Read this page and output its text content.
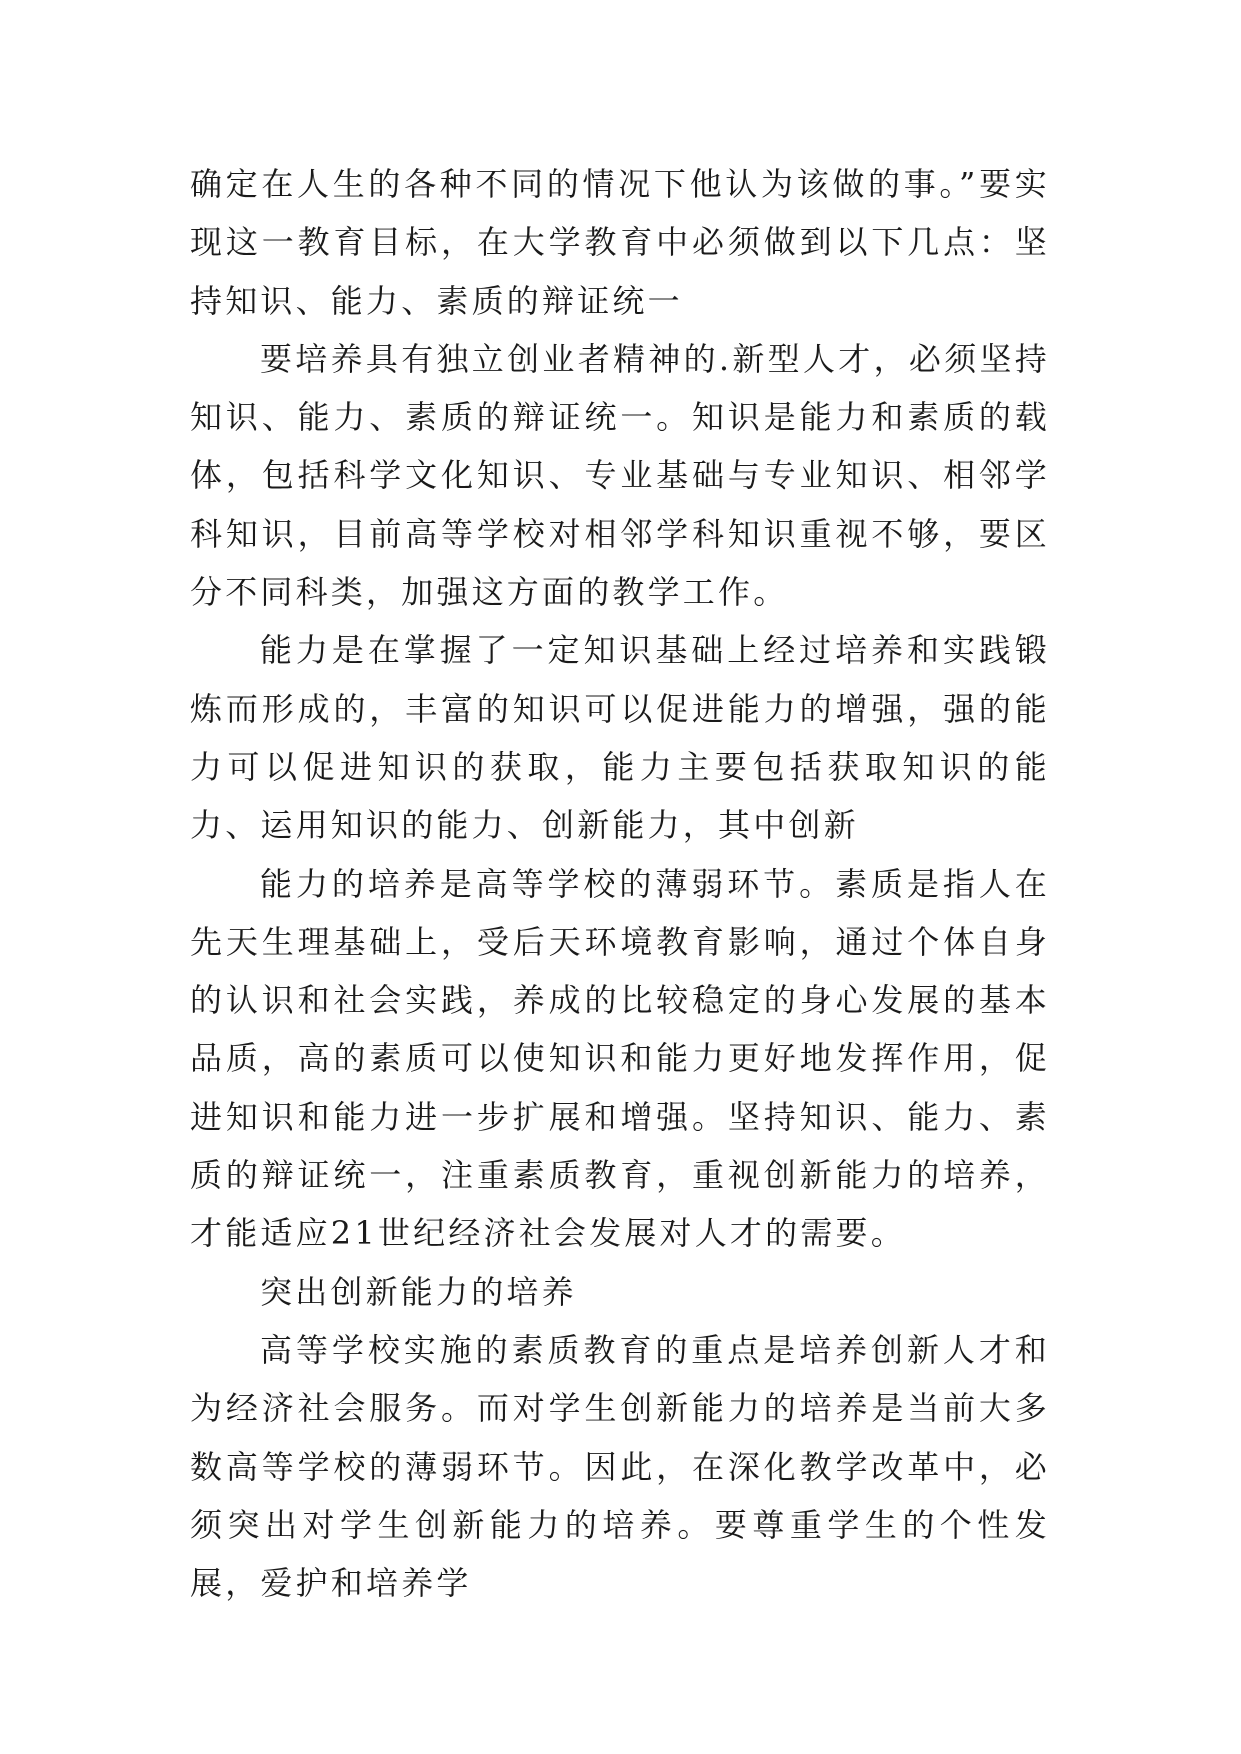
确定在人生的各种不同的情况下他认为该做的事。”要实现这一教育目标，在大学教育中必须做到以下几点：坚持知识、能力、素质的辩证统一

要培养具有独立创业者精神的.新型人才，必须坚持知识、能力、素质的辩证统一。知识是能力和素质的载体，包括科学文化知识、专业基础与专业知识、相邻学科知识，目前高等学校对相邻学科知识重视不够，要区分不同科类，加强这方面的教学工作。

能力是在掌握了一定知识基础上经过培养和实践锻炼而形成的，丰富的知识可以促进能力的增强，强的能力可以促进知识的获取，能力主要包括获取知识的能力、运用知识的能力、创新能力，其中创新

能力的培养是高等学校的薄弱环节。素质是指人在先天生理基础上，受后天环境教育影响，通过个体自身的认识和社会实践，养成的比较稳定的身心发展的基本品质，高的素质可以使知识和能力更好地发挥作用，促进知识和能力进一步扩展和增强。坚持知识、能力、素质的辩证统一，注重素质教育，重视创新能力的培养，才能适应21世纪经济社会发展对人才的需要。

突出创新能力的培养

高等学校实施的素质教育的重点是培养创新人才和为经济社会服务。而对学生创新能力的培养是当前大多数高等学校的薄弱环节。因此，在深化教学改革中，必须突出对学生创新能力的培养。要尊重学生的个性发展，爱护和培养学
